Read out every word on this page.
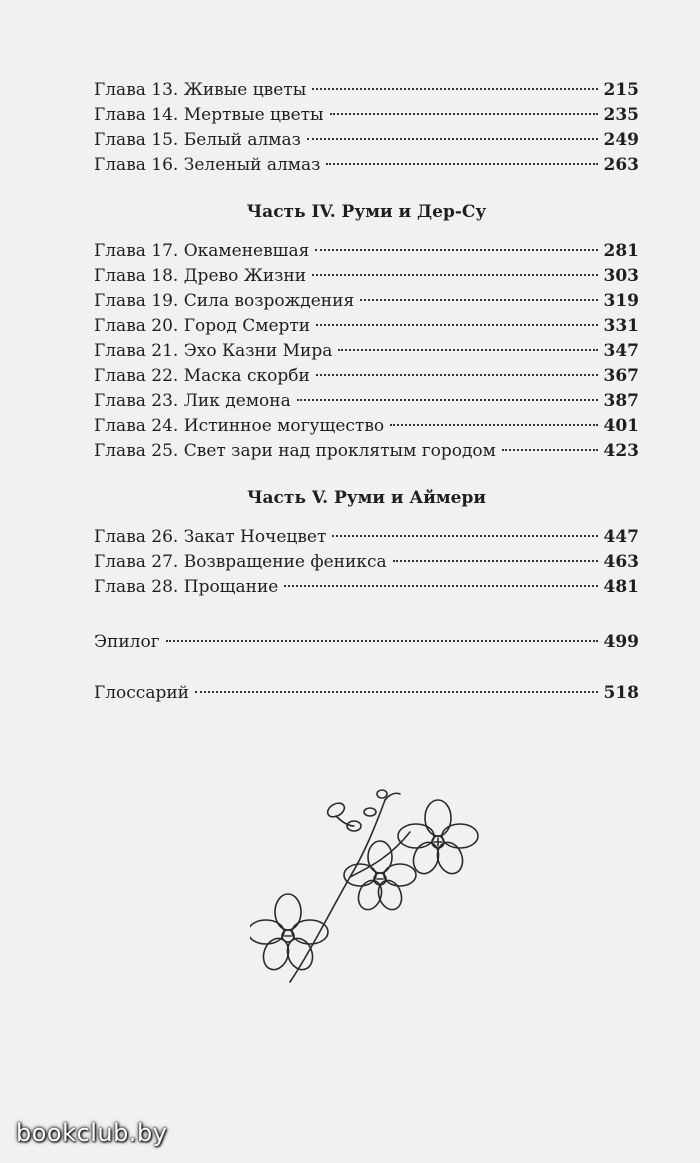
Глава 13. Живые цветы	215
Глава 14. Мертвые цветы	235
Глава 15. Белый алмаз	249
Глава 16. Зеленый алмаз	263
Часть IV. Руми и Дер-Су
Глава 17. Окаменевшая	281
Глава 18. Древо Жизни	303
Глава 19. Сила возрождения	319
Глава 20. Город Смерти	331
Глава 21. Эхо Казни Мира	347
Глава 22. Маска скорби	367
Глава 23. Лик демона	387
Глава 24. Истинное могущество	401
Глава 25. Свет зари над проклятым городом	423
Часть V. Руми и Аймери
Глава 26. Закат Ночецвет	447
Глава 27. Возвращение феникса	463
Глава 28. Прощание	481
Эпилог	499
Глоссарий	518
bookclub.by
